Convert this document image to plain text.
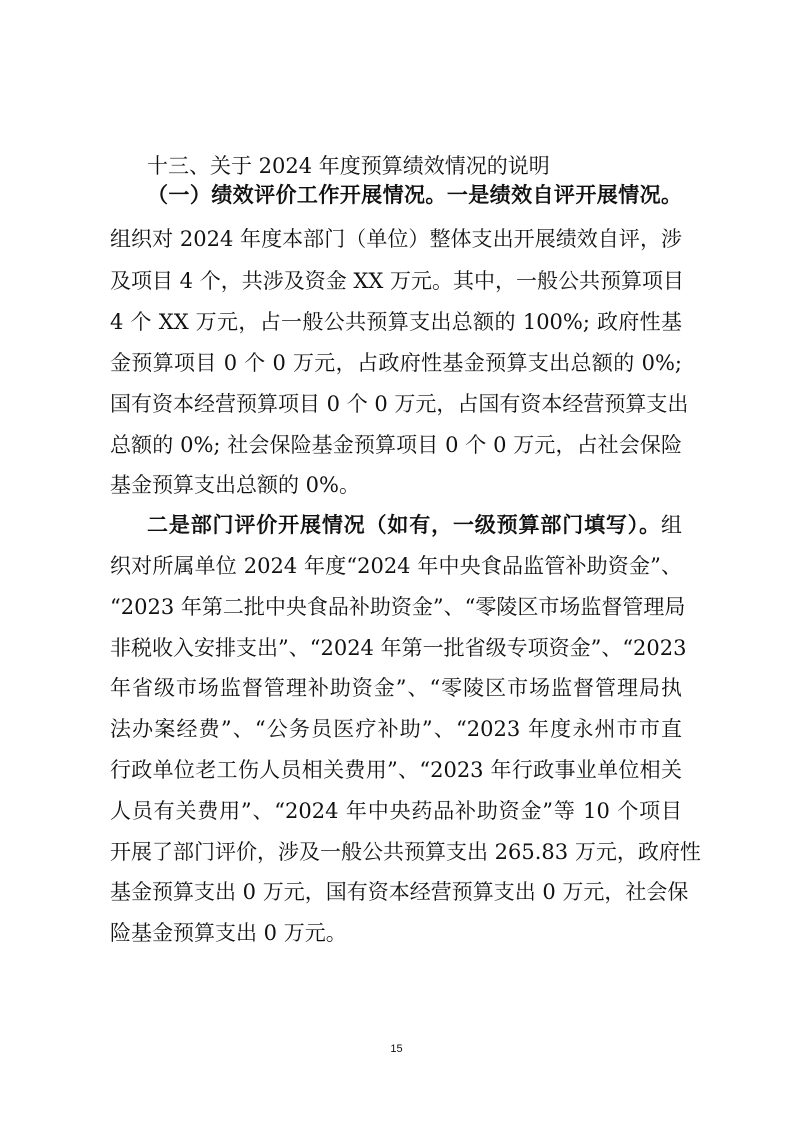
十三、关于 2024 年度预算绩效情况的说明
（一）绩效评价工作开展情况。一是绩效自评开展情况。
组织对 2024 年度本部门（单位）整体支出开展绩效自评，涉
及项目 4 个，共涉及资金 XX 万元。其中，一般公共预算项目
4 个 XX 万元，占一般公共预算支出总额的 100%; 政府性基
金预算项目 0 个 0 万元，占政府性基金预算支出总额的 0%;
国有资本经营预算项目 0 个 0 万元，占国有资本经营预算支出
总额的 0%; 社会保险基金预算项目 0 个 0 万元，占社会保险
基金预算支出总额的 0%。
二是部门评价开展情况（如有，一级预算部门填写）。组
织对所属单位 2024 年度“2024 年中央食品监管补助资金”、
“2023 年第二批中央食品补助资金”、“零陵区市场监督管理局
非税收入安排支出”、“2024 年第一批省级专项资金”、“2023
年省级市场监督管理补助资金”、“零陵区市场监督管理局执
法办案经费”、“公务员医疗补助”、“2023 年度永州市市直
行政单位老工伤人员相关费用”、“2023 年行政事业单位相关
人员有关费用”、“2024 年中央药品补助资金”等 10 个项目
开展了部门评价，涉及一般公共预算支出 265.83 万元，政府性
基金预算支出 0 万元，国有资本经营预算支出 0 万元，社会保
险基金预算支出 0 万元。
15
